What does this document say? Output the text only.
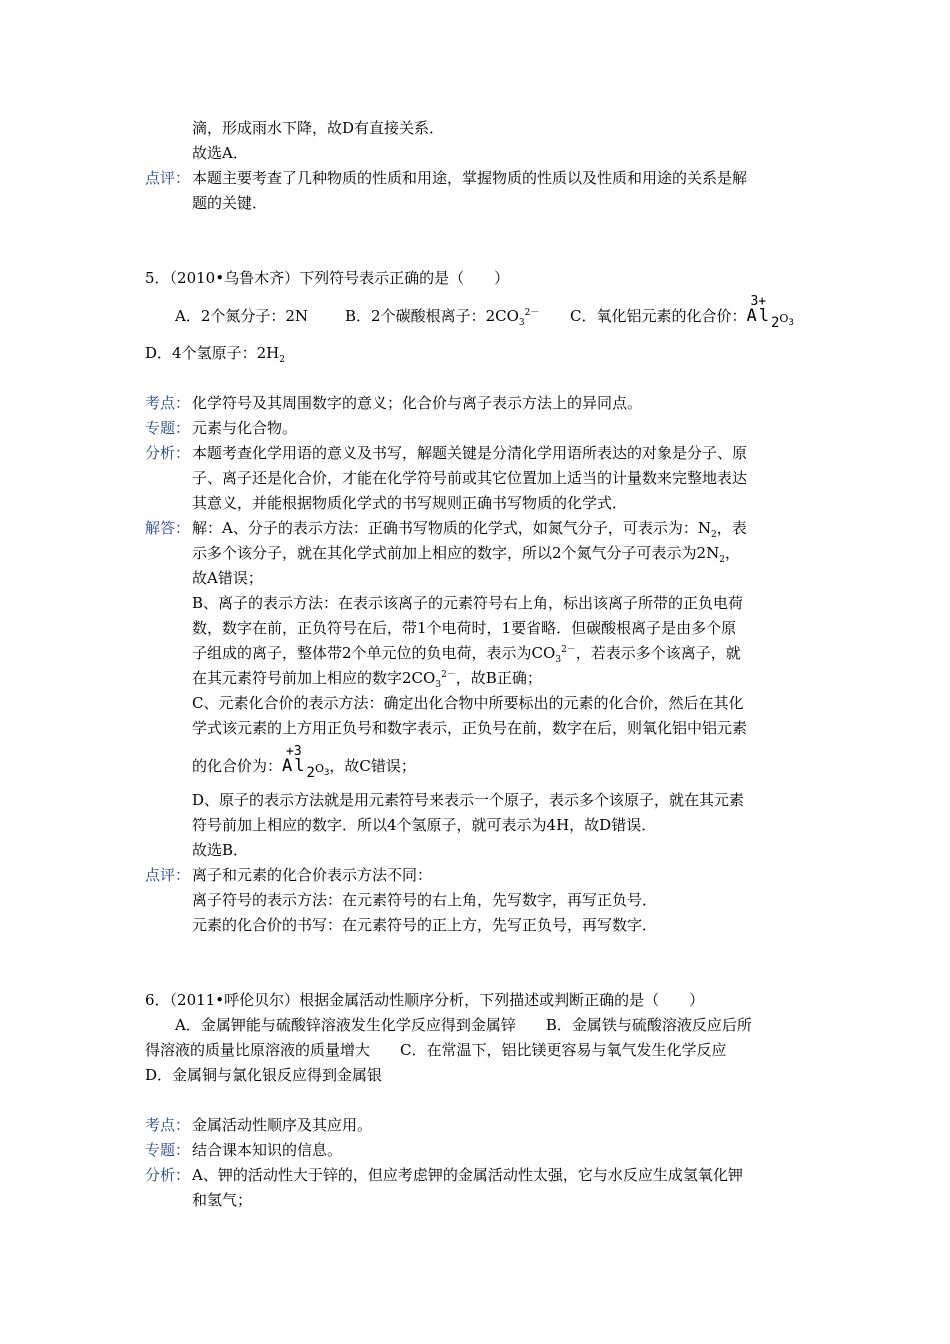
滴，形成雨水下降，故D有直接关系．
故选A．
点评： 本题主要考查了几种物质的性质和用途，掌握物质的性质以及性质和用途的关系是解
题的关键．
5．（2010•乌鲁木齐）下列符号表示正确的是（　　）
A．2个氮分子：2N B．2个碳酸根离子：$2CO_3^{2-}$ C．氧化铝元素的化合价：
3+
$Al2O_3$
D．4个氢原子：$2H_2$
考点： 化学符号及其周围数字的意义；化合价与离子表示方法上的异同点。
专题： 元素与化合物。
分析： 本题考查化学用语的意义及书写，解题关键是分清化学用语所表达的对象是分子、原
子、离子还是化合价，才能在化学符号前或其它位置加上适当的计量数来完整地表达
其意义，并能根据物质化学式的书写规则正确书写物质的化学式．
解答： 解：A、分子的表示方法：正确书写物质的化学式，如氮气分子，可表示为：$N_2$，表
示多个该分子，就在其化学式前加上相应的数字，所以2个氮气分子可表示为$2N_2$，
故A错误；
B、离子的表示方法：在表示该离子的元素符号右上角，标出该离子所带的正负电荷
数，数字在前，正负符号在后，带1个电荷时，1要省略．但碳酸根离子是由多个原
子组成的离子，整体带2个单元位的负电荷，表示为$CO_3^{2-}$，若表示多个该离子，就
在其元素符号前加上相应的数字$2CO_3^{2-}$，故B正确；
C、元素化合价的表示方法：确定出化合物中所要标出的元素的化合价，然后在其化
学式该元素的上方用正负号和数字表示，正负号在前，数字在后，则氧化铝中铝元素
的化合价为：
+3
$Al2O_3$，故C错误；
D、原子的表示方法就是用元素符号来表示一个原子，表示多个该原子，就在其元素
符号前加上相应的数字．所以4个氢原子，就可表示为4H，故D错误．
故选B．
点评： 离子和元素的化合价表示方法不同：
离子符号的表示方法：在元素符号的右上角，先写数字，再写正负号．
元素的化合价的书写：在元素符号的正上方，先写正负号，再写数字．
6．（2011•呼伦贝尔）根据金属活动性顺序分析，下列描述或判断正确的是（　　）
A．金属钾能与硫酸锌溶液发生化学反应得到金属锌　　B．金属铁与硫酸溶液反应后所
得溶液的质量比原溶液的质量增大　　C．在常温下，铝比镁更容易与氧气发生化学反应
D．金属铜与氯化银反应得到金属银
考点： 金属活动性顺序及其应用。
专题： 结合课本知识的信息。
分析： A、钾的活动性大于锌的，但应考虑钾的金属活动性太强，它与水反应生成氢氧化钾
和氢气；
